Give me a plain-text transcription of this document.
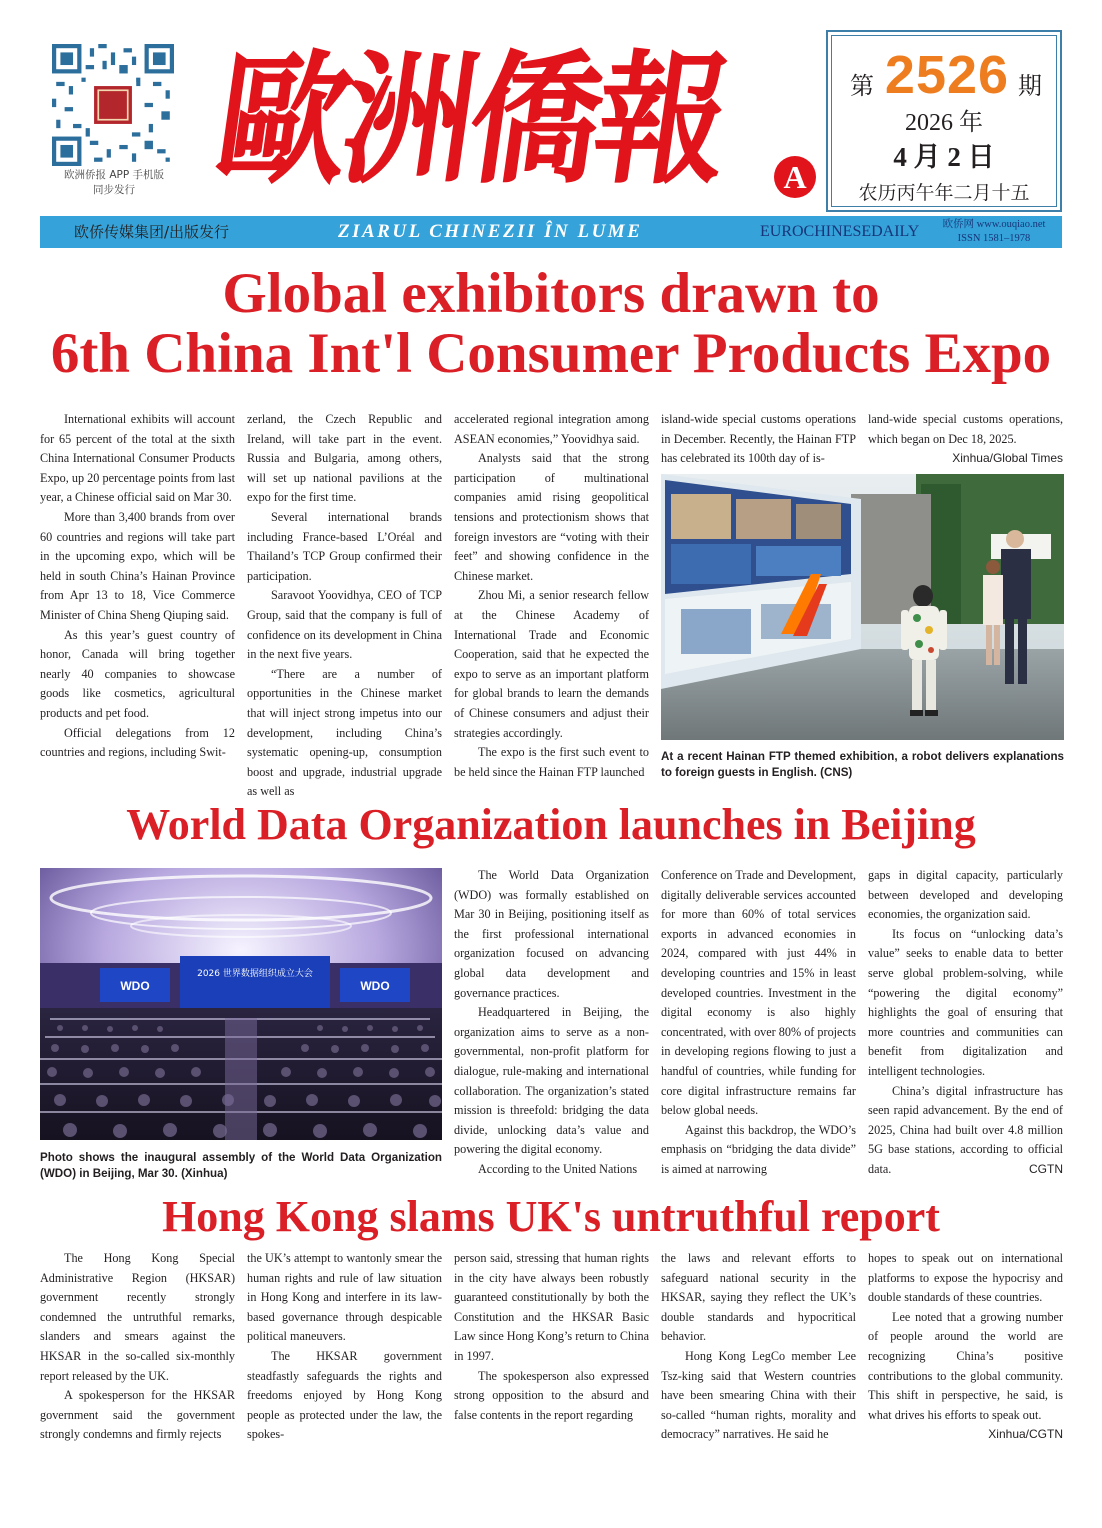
欧洲侨报 APP 手机版
同步发行 歐洲僑報	A
第 2526 期
2026 年
4 月 2 日
农历丙午年二月十五
欧侨传媒集团/出版发行	ZIARUL CHINEZII ÎN LUME	EUROCHINESEDAILY	欧侨网 www.ouqiao.net
ISSN 1581–1978
Global exhibitors drawn to
6th China Int'l Consumer Products Expo

International exhibits will account for 65 percent of the total at the sixth China International Consumer Products Expo, up 20 percentage points from last year, a Chinese official said on Mar 30.

More than 3,400 brands from over 60 countries and regions will take part in the upcoming expo, which will be held in south China’s Hainan Province from Apr 13 to 18, Vice Commerce Minister of China Sheng Qiuping said.

As this year’s guest country of honor, Canada will bring together nearly 40 companies to showcase goods like cosmetics, agricultural products and pet food.

Official delegations from 12 countries and regions, including Swit-

zerland, the Czech Republic and Ireland, will take part in the event. Russia and Bulgaria, among others, will set up national pavilions at the expo for the first time.

Several international brands including France-based L’Oréal and Thailand’s TCP Group confirmed their participation.

Saravoot Yoovidhya, CEO of TCP Group, said that the company is full of confidence on its development in China in the next five years.

“There are a number of opportunities in the Chinese market that will inject strong impetus into our development, including China’s systematic opening-up, consumption boost and upgrade, industrial upgrade as well as

accelerated regional integration among ASEAN economies,” Yoovidhya said.

Analysts said that the strong participation of multinational companies amid rising geopolitical tensions and protectionism shows that foreign investors are “voting with their feet” and showing confidence in the Chinese market.

Zhou Mi, a senior research fellow at the Chinese Academy of International Trade and Economic Cooperation, said that he expected the expo to serve as an important platform for global brands to learn the demands of Chinese consumers and adjust their strategies accordingly.

The expo is the first such event to be held since the Hainan FTP launched

island-wide special customs operations in December. Recently, the Hainan FTP has celebrated its 100th day of is-

land-wide special customs operations, which began on Dec 18, 2025.

Xinhua/Global Times
At a recent Hainan FTP themed exhibition, a robot delivers explanations to foreign guests in English. (CNS)
World Data Organization launches in Beijing
2026 世界数据组织成立大会
WDO	WDO
Photo shows the inaugural assembly of the World Data Organization (WDO) in Beijing, Mar 30. (Xinhua)

The World Data Organization (WDO) was formally established on Mar 30 in Beijing, positioning itself as the first professional international organization focused on advancing global data development and governance practices.

Headquartered in Beijing, the organization aims to serve as a non-governmental, non-profit platform for dialogue, rule-making and international collaboration. The organization’s stated mission is threefold: bridging the data divide, unlocking data’s value and powering the digital economy.

According to the United Nations

Conference on Trade and Development, digitally deliverable services accounted for more than 60% of total services exports in advanced economies in 2024, compared with just 44% in developing countries and 15% in least developed countries. Investment in the digital economy is also highly concentrated, with over 80% of projects in developing regions flowing to just a handful of countries, while funding for core digital infrastructure remains far below global needs.

Against this backdrop, the WDO’s emphasis on “bridging the data divide” is aimed at narrowing

gaps in digital capacity, particularly between developed and developing economies, the organization said.

Its focus on “unlocking data’s value” seeks to enable data to better serve global problem-solving, while “powering the digital economy” highlights the goal of ensuring that more countries and communities can benefit from digitalization and intelligent technologies.

China’s digital infrastructure has seen rapid advancement. By the end of 2025, China had built over 4.8 million 5G base stations, according to official data.	CGTN

Hong Kong slams UK's untruthful report

The Hong Kong Special Administrative Region (HKSAR) government recently strongly condemned the untruthful remarks, slanders and smears against the HKSAR in the so-called six-monthly report released by the UK.

A spokesperson for the HKSAR government said the government strongly condemns and firmly rejects

the UK’s attempt to wantonly smear the human rights and rule of law situation in Hong Kong and interfere in its law-based governance through despicable political maneuvers.

The HKSAR government steadfastly safeguards the rights and freedoms enjoyed by Hong Kong people as protected under the law, the spokes-

person said, stressing that human rights in the city have always been robustly guaranteed constitutionally by both the Constitution and the HKSAR Basic Law since Hong Kong’s return to China in 1997.

The spokesperson also expressed strong opposition to the absurd and false contents in the report regarding

the laws and relevant efforts to safeguard national security in the HKSAR, saying they reflect the UK’s double standards and hypocritical behavior.

Hong Kong LegCo member Lee Tsz-king said that Western countries have been smearing China with their so-called “human rights, morality and democracy” narratives. He said he

hopes to speak out on international platforms to expose the hypocrisy and double standards of these countries.

Lee noted that a growing number of people around the world are recognizing China’s positive contributions to the global community. This shift in perspective, he said, is what drives his efforts to speak out.
Xinhua/CGTN
